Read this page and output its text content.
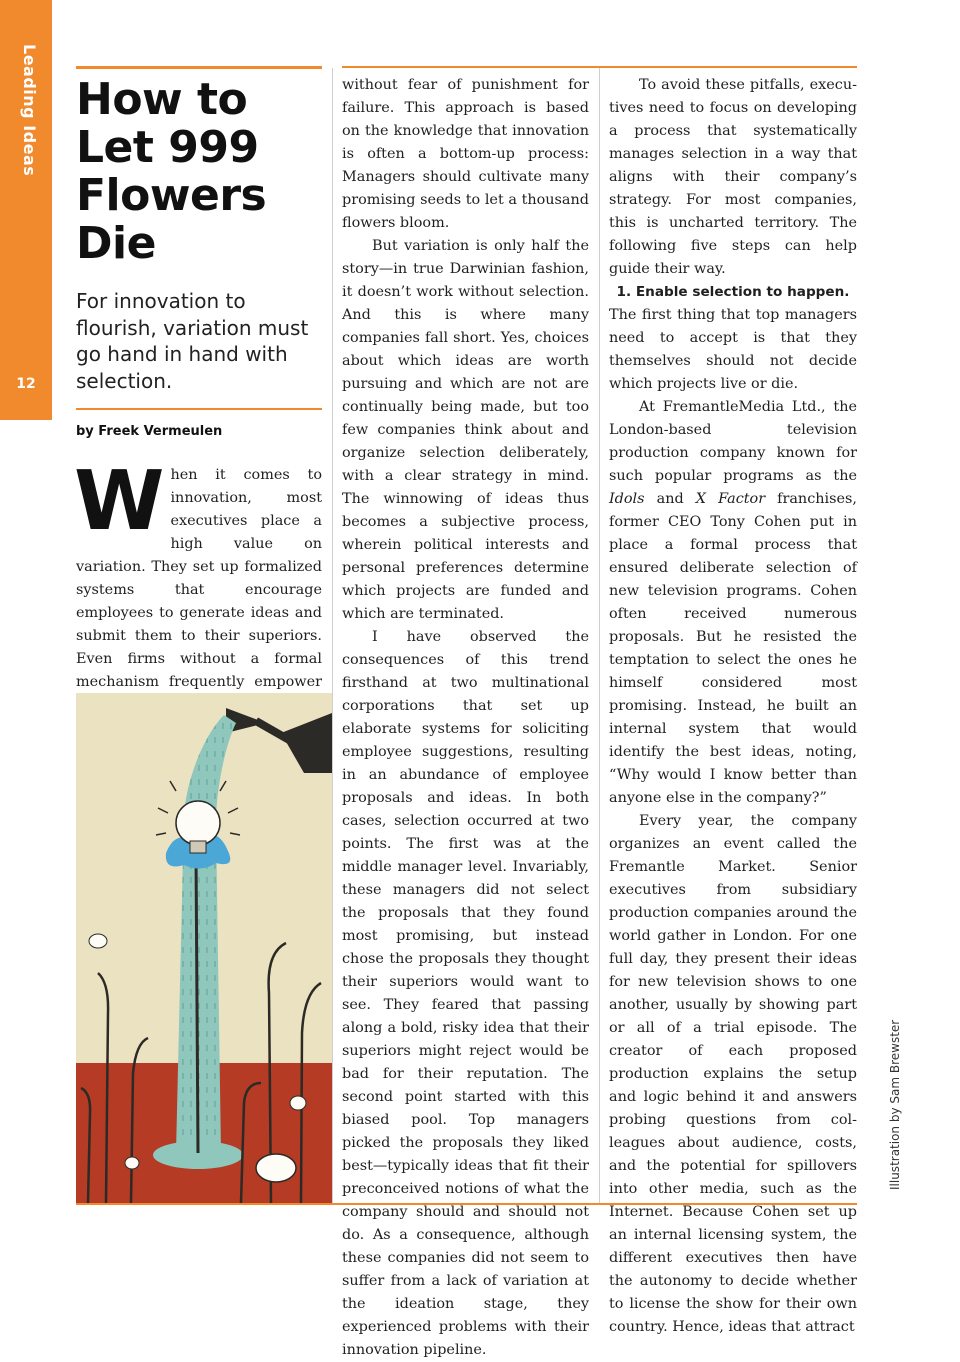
Leading Ideas
12
How to Let 999 Flowers Die

For innovation to flourish, variation must go hand in hand with selection.

by Freek Vermeulen

When it comes to innovation, most executives place a high value on variation. They set up formalized systems that encourage employees to generate ideas and submit them to their superiors. Even firms without a formal mechanism frequently empower

without fear of punishment for failure. This approach is based on the knowledge that innovation is often a bottom-up process: Managers should cultivate many promising seeds to let a thousand flowers bloom.

But variation is only half the story—in true Darwinian fashion, it doesn’t work without selection. And this is where many companies fall short. Yes, choices about which ideas are worth pursuing and which are not are continually being made, but too few companies think about and organize selection deliberately, with a clear strategy in mind. The winnowing of ideas thus becomes a subjective process, wherein political interests and personal preferences determine which projects are funded and which are terminated.

I have observed the consequences of this trend firsthand at two multinational corporations that set up elaborate systems for soliciting employee suggestions, resulting in an abundance of employee proposals and ideas. In both cases, selection occurred at two points. The first was at the middle manager level. Invariably, these managers did not select the proposals that they found most promising, but instead chose the proposals they thought their superiors would want to see. They feared that passing along a bold, risky idea that their superiors might reject would be bad for their reputation. The second point started with this biased pool. Top managers picked the proposals they liked best—typically ideas that fit their preconceived notions of what the company should and should not do. As a consequence, although these companies did not seem to suffer from a lack of variation at the ideation stage, they experienced problems with their innovation pipeline.

To avoid these pitfalls, executives need to focus on developing a process that systematically manages selection in a way that aligns with their company’s strategy. For most companies, this is uncharted territory. The following five steps can help guide their way.

1. Enable selection to happen.

The first thing that top managers need to accept is that they themselves should not decide which projects live or die.

At FremantleMedia Ltd., the London-based television production company known for such popular programs as the Idols and X Factor franchises, former CEO Tony Cohen put in place a formal process that ensured deliberate selection of new television programs. Cohen often received numerous proposals. But he resisted the temptation to select the ones he himself considered most promising. Instead, he built an internal system that would identify the best ideas, noting, “Why would I know better than anyone else in the company?”

Every year, the company organizes an event called the Fremantle Market. Senior executives from subsidiary production companies around the world gather in London. For one full day, they present their ideas for new television shows to one another, usually by showing part or all of a trial episode. The creator of each proposed production explains the setup and logic behind it and answers probing questions from colleagues about audience, costs, and the potential for spillovers into other media, such as the Internet. Because Cohen set up an internal licensing system, the different executives then have the autonomy to decide whether to license the show for their own country. Hence, ideas that attract

Illustration by Sam Brewster
